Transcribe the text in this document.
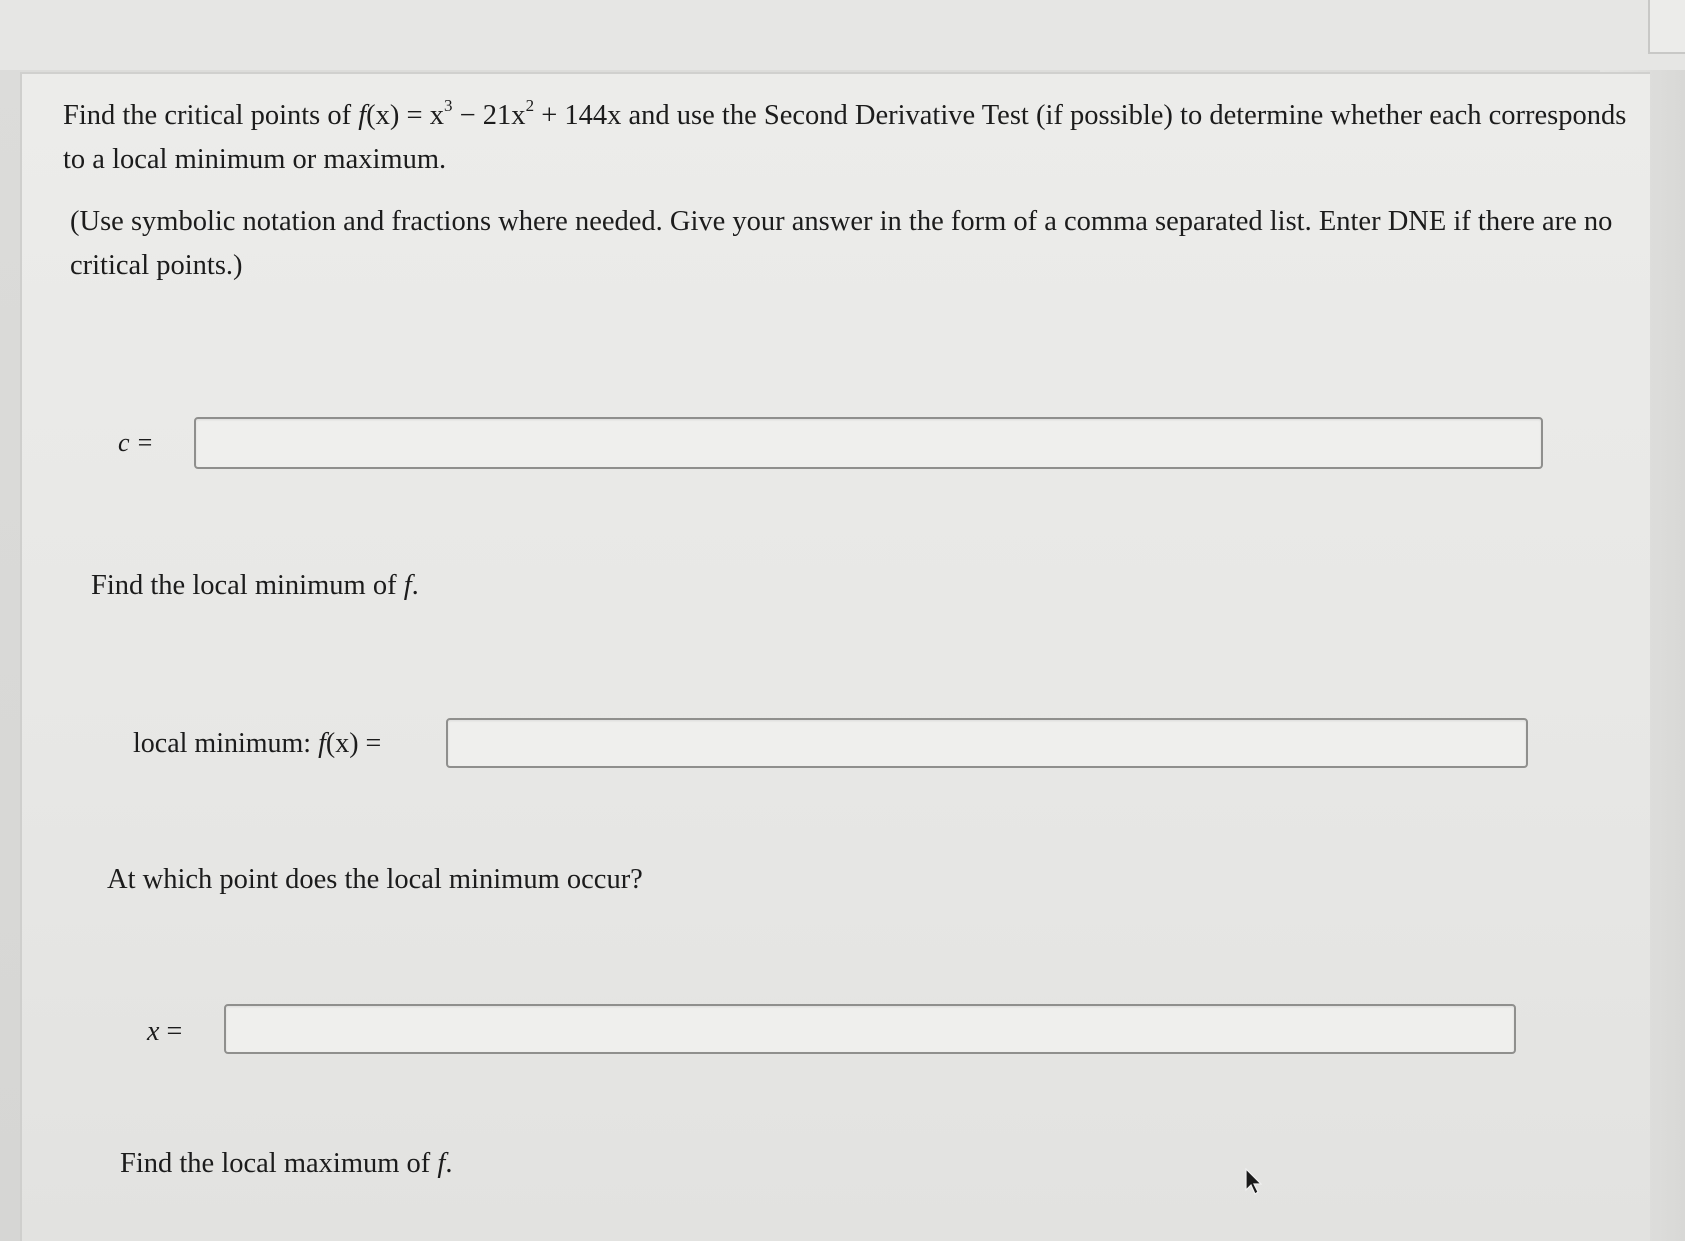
Find the critical points of $f(x) = x^3 - 21x^2 + 144x$ and use the Second Derivative Test (if possible) to determine whether each corresponds to a local minimum or maximum.
(Use symbolic notation and fractions where needed. Give your answer in the form of a comma separated list. Enter DNE if there are no critical points.)
c =
Find the local minimum of f.
local minimum: f(x) =
At which point does the local minimum occur?
x =
Find the local maximum of f.
